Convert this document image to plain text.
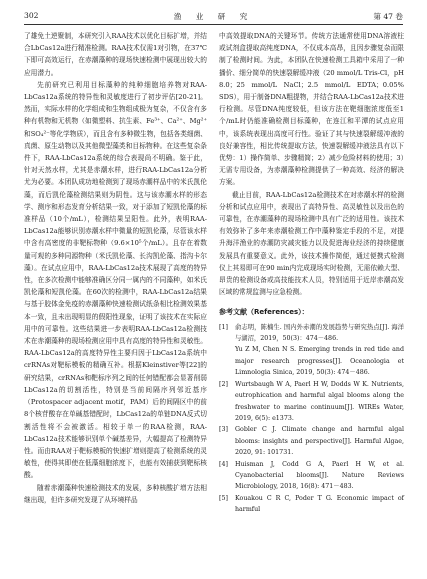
302	渔 业 研 究	第 47 卷

了雄免土逆聚制，本研究引入RAA技术以优化目标扩增，并结合LbCas12a进行精准检测。RAA技术仅需1对引物，在37℃下即可高效运行，在赤潮藻种的现场快速检测中展现出较大的应用潜力。

先前研究已利用目标藻种的纯种细胞培养物对RAA-LbCas12a系统的特异性和灵敏度进行了初步评估[20-21]。然而，实际水样的化学组成和生物组成极为复杂，不仅含有多种有机物和无机物（如微塑料、抗生素、Fe³⁺、Ca²⁺、Mg²⁺和SO₄²⁻等化学物质），而且含有多种微生物，包括各类细菌、真菌、原生动物以及其他微型藻类和目标物种。在这些复杂条件下，RAA-LbCas12a系统的综合表现尚不明确。鉴于此，针对天然水样，尤其是赤潮水样，进行RAA-LbCas12a分析尤为必要。本团队成功地检测到了现场赤潮样品中的米氏凯伦藻，而后凯伦藻检测结果则为阴性。这与该赤潮水样的形态学、测序和形态发育分析结果一致，对于添加了短凯伦藻的标准样品（10个/mL），检测结果呈阳性。此外，表明RAA-LbCas12a能够识别赤潮水样中微量的短凯伦藻，尽管该水样中含有高密度的非靶标物种（9.6×10⁵个/mL）。且存在着数量可观的多种同源物种（米氏凯伦藻、长沟凯伦藻、指沟卡尔藻）。在试点应用中，RAA-LbCas12a技术展现了高度的特异性，在多次检测中能够准确区分同一属内的不同藻种，如米氏凯伦藻和短凯伦藻。在60次的检测中，RAA-LbCas12a结果与基于胶体金免疫的赤潮藻种快速检测试纸条相比检测效果基本一致，且未出现明显的假阳性现象，证明了该技术在实际应用中的可靠性。这些结果进一步表明RAA-LbCas12a检测技术在赤潮藻种的现场检测应用中具有高度的特异性和灵敏性。RAA-LbCas12a的高度特异性主要归因于LbCas12a系统中crRNAs对靶标模板的精确互补。根据Kleinstiver等[22]的研究结果，crRNAs和靶标序列之间的任何错配都会显著削弱LbCas12a的切割活性，特别是当前间隔序列邻近基序（Protospacer adjacent motif，PAM）后的间隔区中的前8个核苷酸存在单碱基错配时，LbCas12a的单链DNA反式切割活性将不会被激活。相较于单一的RAA检测，RAA-LbCas12a技术能够识别单个碱基差异，大幅提高了检测特异性。而由RAA对于靶标模板的快速扩增则提高了检测系统的灵敏性，使得其即使在低藻细胞浓度下，也能有效捕获到靶标核酸。

随着赤潮藻种快速检测技术的发展，多种核酸扩增方法相继出现，但许多研究发现了从环境样品

中高效提取DNA的关键环节。传统方法通常使用DNA溶液柱或试剂盒提取高纯度DNA，不仅成本高昂，且因步骤复杂而限制了检测时间。为此，本团队在快速检测工具箱中采用了一种播价、细分简单的快速裂解缓冲液（20 mmol/L Tris-Cl，pH 8.0；25 mmol/L NaCl；2.5 mmol/L EDTA；0.05% SDS），用于制备DNA粗提物，并结合RAA-LbCas12a技术进行检测。尽管DNA纯度较低，但该方法在靶细胞浓度低至1个/mL时仍能准确检测目标藻种，在连江和平潭的试点应用中，该系统表现出高度可行性。验证了其与快速裂解缓冲液的良好兼容性，相比传统提取方法，快速裂解缓冲液法具有以下优势：1）操作简单、步骤精简；2）减少危险材料的使用；3）无需专用设备，为赤潮藻种检测提供了一种高效、经济的解决方案。

截止目前，RAA-LbCas12a检测技术在对赤潮水样的检测分析和试点应用中，表现出了高特异性、高灵敏性以及出色的可靠性，在赤潮藻种的现场检测中具有广泛的适用性。该技术有效弥补了多年来赤潮检测工作中藻种鉴定手段的不足，对提升海洋渔业的赤潮防灾减灾能力以及促进海业经济的持续健康发展具有重要意义。此外，该技术操作简便，通过便携式检测仪上其易即可在90 min内完成现场实时检测，无需依赖大型、昂贵的检测设备或高技能技术人员，特别适用于近岸赤潮高发区域的常规监测与应急检测。

参考文献（References）：
[1]	俞志明，陈楠生. 国内外赤潮的发展趋势与研究热点[J]. 海洋与湖沼，2019，50(3)：474－486.
Yu Z M, Chen N S. Emerging trends in red tide and major research progresses[J]. Oceanologia et Limnologia Sinica, 2019, 50(3): 474－486.
[2]	Wurtsbaugh W A, Paerl H W, Dodds W K. Nutrients, eutrophication and harmful algal blooms along the freshwater to marine continuum[J]. WIREs Water, 2019, 6(5): e1373.
[3]	Gobler C J. Climate change and harmful algal blooms: insights and perspective[J]. Harmful Algae, 2020, 91: 101731.
[4]	Huisman J, Codd G A, Paerl H W, et al. Cyanobacterial blooms[J]. Nature Reviews Microbiology, 2018, 16(8): 471－483.
[5]	Kouakou C R C, Poder T G. Economic impact of harmful
